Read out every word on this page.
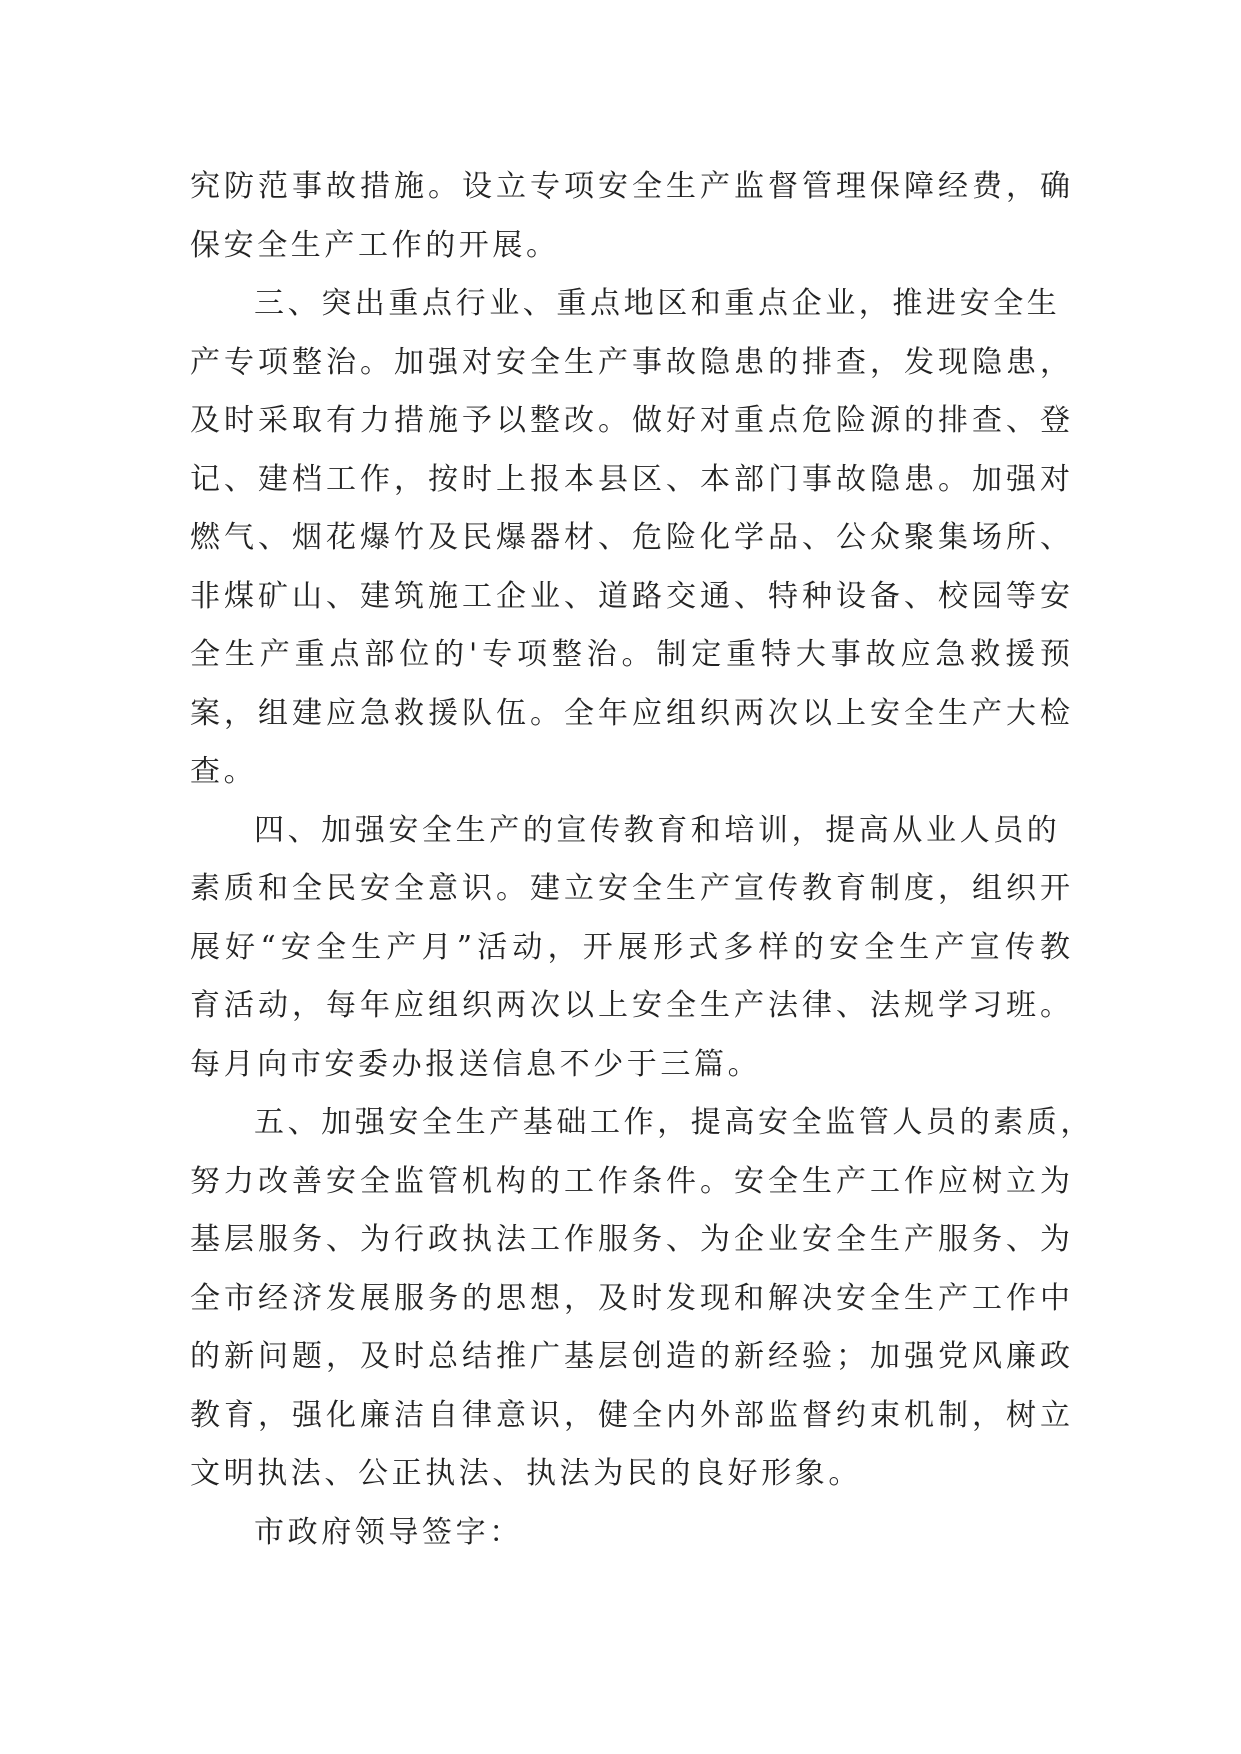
究防范事故措施。设立专项安全生产监督管理保障经费，确
保安全生产工作的开展。
三、突出重点行业、重点地区和重点企业，推进安全生
产专项整治。加强对安全生产事故隐患的排查，发现隐患，
及时采取有力措施予以整改。做好对重点危险源的排查、登
记、建档工作，按时上报本县区、本部门事故隐患。加强对
燃气、烟花爆竹及民爆器材、危险化学品、公众聚集场所、
非煤矿山、建筑施工企业、道路交通、特种设备、校园等安
全生产重点部位的'专项整治。制定重特大事故应急救援预
案，组建应急救援队伍。全年应组织两次以上安全生产大检
查。
四、加强安全生产的宣传教育和培训，提高从业人员的
素质和全民安全意识。建立安全生产宣传教育制度，组织开
展好“安全生产月”活动，开展形式多样的安全生产宣传教
育活动，每年应组织两次以上安全生产法律、法规学习班。
每月向市安委办报送信息不少于三篇。
五、加强安全生产基础工作，提高安全监管人员的素质，
努力改善安全监管机构的工作条件。安全生产工作应树立为
基层服务、为行政执法工作服务、为企业安全生产服务、为
全市经济发展服务的思想，及时发现和解决安全生产工作中
的新问题，及时总结推广基层创造的新经验；加强党风廉政
教育，强化廉洁自律意识，健全内外部监督约束机制，树立
文明执法、公正执法、执法为民的良好形象。
市政府领导签字：
